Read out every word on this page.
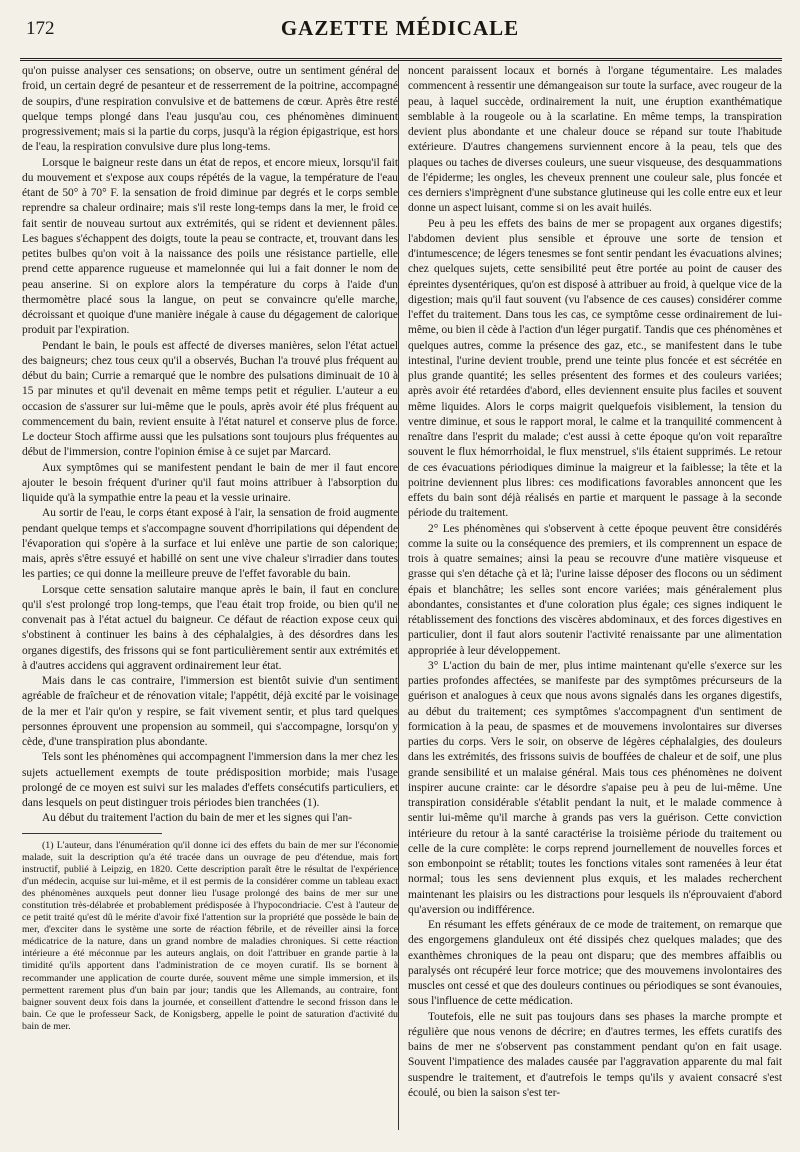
172	GAZETTE MÉDICALE

qu'on puisse analyser ces sensations; on observe, outre un sentiment général de froid, un certain degré de pesanteur et de resserrement de la poitrine, accompagné de soupirs, d'une respiration convulsive et de battemens de cœur. Après être resté quelque temps plongé dans l'eau jusqu'au cou, ces phénomènes diminuent progressivement; mais si la partie du corps, jusqu'à la région épigastrique, est hors de l'eau, la respiration convulsive dure plus long-tems.

Lorsque le baigneur reste dans un état de repos, et encore mieux, lorsqu'il fait du mouvement et s'expose aux coups répétés de la vague, la température de l'eau étant de 50° à 70° F. la sensation de froid diminue par degrés et le corps semble reprendre sa chaleur ordinaire; mais s'il reste long-temps dans la mer, le froid ce fait sentir de nouveau surtout aux extrémités, qui se rident et deviennent pâles. Les bagues s'échappent des doigts, toute la peau se contracte, et, trouvant dans les petites bulbes qu'on voit à la naissance des poils une résistance partielle, elle prend cette apparence rugueuse et mamelonnée qui lui a fait donner le nom de peau anserine. Si on explore alors la température du corps à l'aide d'un thermomètre placé sous la langue, on peut se convaincre qu'elle marche, décroissant et quoique d'une manière inégale à cause du dégagement de calorique produit par l'expiration.

Pendant le bain, le pouls est affecté de diverses manières, selon l'état actuel des baigneurs; chez tous ceux qu'il a observés, Buchan l'a trouvé plus fréquent au début du bain; Currie a remarqué que le nombre des pulsations diminuait de 10 à 15 par minutes et qu'il devenait en même temps petit et régulier. L'auteur a eu occasion de s'assurer sur lui-même que le pouls, après avoir été plus fréquent au commencement du bain, revient ensuite à l'état naturel et conserve plus de force. Le docteur Stoch affirme aussi que les pulsations sont toujours plus fréquentes au début de l'immersion, contre l'opinion émise à ce sujet par Marcard.

Aux symptômes qui se manifestent pendant le bain de mer il faut encore ajouter le besoin fréquent d'uriner qu'il faut moins attribuer à l'absorption du liquide qu'à la sympathie entre la peau et la vessie urinaire.

Au sortir de l'eau, le corps étant exposé à l'air, la sensation de froid augmente pendant quelque temps et s'accompagne souvent d'horripilations qui dépendent de l'évaporation qui s'opère à la surface et lui enlève une partie de son calorique; mais, après s'être essuyé et habillé on sent une vive chaleur s'irradier dans toutes les parties; ce qui donne la meilleure preuve de l'effet favorable du bain.

Lorsque cette sensation salutaire manque après le bain, il faut en conclure qu'il s'est prolongé trop long-temps, que l'eau était trop froide, ou bien qu'il ne convenait pas à l'état actuel du baigneur. Ce défaut de réaction expose ceux qui s'obstinent à continuer les bains à des céphalalgies, à des désordres dans les organes digestifs, des frissons qui se font particulièrement sentir aux extrémités et à d'autres accidens qui aggravent ordinairement leur état.

Mais dans le cas contraire, l'immersion est bientôt suivie d'un sentiment agréable de fraîcheur et de rénovation vitale; l'appétit, déjà excité par le voisinage de la mer et l'air qu'on y respire, se fait vivement sentir, et plus tard quelques personnes éprouvent une propension au sommeil, qui s'accompagne, lorsqu'on y cède, d'une transpiration plus abondante.

Tels sont les phénomènes qui accompagnent l'immersion dans la mer chez les sujets actuellement exempts de toute prédisposition morbide; mais l'usage prolongé de ce moyen est suivi sur les malades d'effets consécutifs particuliers, et dans lesquels on peut distinguer trois périodes bien tranchées (1).

Au début du traitement l'action du bain de mer et les signes qui l'an-

(1) L'auteur, dans l'énumération qu'il donne ici des effets du bain de mer sur l'économie malade, suit la description qu'a été tracée dans un ouvrage de peu d'étendue, mais fort instructif, publié à Leipzig, en 1820. Cette description paraît être le résultat de l'expérience d'un médecin, acquise sur lui-même, et il est permis de la considérer comme un tableau exact des phénomènes auxquels peut donner lieu l'usage prolongé des bains de mer sur une constitution très-délabrée et probablement prédisposée à l'hypocondriacie. C'est à l'auteur de ce petit traité qu'est dû le mérite d'avoir fixé l'attention sur la propriété que possède le bain de mer, d'exciter dans le système une sorte de réaction fébrile, et de réveiller ainsi la force médicatrice de la nature, dans un grand nombre de maladies chroniques. Si cette réaction intérieure a été méconnue par les auteurs anglais, on doit l'attribuer en grande partie à la timidité qu'ils apportent dans l'administration de ce moyen curatif. Ils se bornent à recommander une application de courte durée, souvent même une simple immersion, et ils permettent rarement plus d'un bain par jour; tandis que les Allemands, au contraire, font baigner souvent deux fois dans la journée, et conseillent d'attendre le second frisson dans le bain. Ce que le professeur Sack, de Konigsberg, appelle le point de saturation d'activité du bain de mer.

noncent paraissent locaux et bornés à l'organe tégumentaire. Les malades commencent à ressentir une démangeaison sur toute la surface, avec rougeur de la peau, à laquel succède, ordinairement la nuit, une éruption exanthématique semblable à la rougeole ou à la scarlatine. En même temps, la transpiration devient plus abondante et une chaleur douce se répand sur toute l'habitude extérieure. D'autres changemens surviennent encore à la peau, tels que des plaques ou taches de diverses couleurs, une sueur visqueuse, des desquammations de l'épiderme; les ongles, les cheveux prennent une couleur sale, plus foncée et ces derniers s'imprègnent d'une substance glutineuse qui les colle entre eux et leur donne un aspect luisant, comme si on les avait huilés.

Peu à peu les effets des bains de mer se propagent aux organes digestifs; l'abdomen devient plus sensible et éprouve une sorte de tension et d'intumescence; de légers tenesmes se font sentir pendant les évacuations alvines; chez quelques sujets, cette sensibilité peut être portée au point de causer des épreintes dysentériques, qu'on est disposé à attribuer au froid, à quelque vice de la digestion; mais qu'il faut souvent (vu l'absence de ces causes) considérer comme l'effet du traitement. Dans tous les cas, ce symptôme cesse ordinairement de lui-même, ou bien il cède à l'action d'un léger purgatif. Tandis que ces phénomènes et quelques autres, comme la présence des gaz, etc., se manifestent dans le tube intestinal, l'urine devient trouble, prend une teinte plus foncée et est sécrétée en plus grande quantité; les selles présentent des formes et des couleurs variées; après avoir été retardées d'abord, elles deviennent ensuite plus faciles et souvent même liquides. Alors le corps maigrit quelquefois visiblement, la tension du ventre diminue, et sous le rapport moral, le calme et la tranquilité commencent à renaître dans l'esprit du malade; c'est aussi à cette époque qu'on voit reparaître souvent le flux hémorrhoidal, le flux menstruel, s'ils étaient supprimés. Le retour de ces évacuations périodiques diminue la maigreur et la faiblesse; la tête et la poitrine deviennent plus libres: ces modifications favorables annoncent que les effets du bain sont déjà réalisés en partie et marquent le passage à la seconde période du traitement.

2° Les phénomènes qui s'observent à cette époque peuvent être considérés comme la suite ou la conséquence des premiers, et ils comprennent un espace de trois à quatre semaines; ainsi la peau se recouvre d'une matière visqueuse et grasse qui s'en détache çà et là; l'urine laisse déposer des flocons ou un sédiment épais et blanchâtre; les selles sont encore variées; mais généralement plus abondantes, consistantes et d'une coloration plus égale; ces signes indiquent le rétablissement des fonctions des viscères abdominaux, et des forces digestives en particulier, dont il faut alors soutenir l'activité renaissante par une alimentation appropriée à leur développement.

3° L'action du bain de mer, plus intime maintenant qu'elle s'exerce sur les parties profondes affectées, se manifeste par des symptômes précurseurs de la guérison et analogues à ceux que nous avons signalés dans les organes digestifs, au début du traitement; ces symptômes s'accompagnent d'un sentiment de formication à la peau, de spasmes et de mouvemens involontaires sur diverses parties du corps. Vers le soir, on observe de légères céphalalgies, des douleurs dans les extrémités, des frissons suivis de bouffées de chaleur et de soif, une plus grande sensibilité et un malaise général. Mais tous ces phénomènes ne doivent inspirer aucune crainte: car le désordre s'apaise peu à peu de lui-même. Une transpiration considérable s'établit pendant la nuit, et le malade commence à sentir lui-même qu'il marche à grands pas vers la guérison. Cette conviction intérieure du retour à la santé caractérise la troisième période du traitement ou celle de la cure complète: le corps reprend journellement de nouvelles forces et son embonpoint se rétablit; toutes les fonctions vitales sont ramenées à leur état normal; tous les sens deviennent plus exquis, et les malades recherchent maintenant les plaisirs ou les distractions pour lesquels ils n'éprouvaient d'abord qu'aversion ou indifférence.

En résumant les effets généraux de ce mode de traitement, on remarque que des engorgemens glanduleux ont été dissipés chez quelques malades; que des exanthèmes chroniques de la peau ont disparu; que des membres affaiblis ou paralysés ont récupéré leur force motrice; que des mouvemens involontaires des muscles ont cessé et que des douleurs continues ou périodiques se sont évanouies, sous l'influence de cette médication.

Toutefois, elle ne suit pas toujours dans ses phases la marche prompte et régulière que nous venons de décrire; en d'autres termes, les effets curatifs des bains de mer ne s'observent pas constamment pendant qu'on en fait usage. Souvent l'impatience des malades causée par l'aggravation apparente du mal fait suspendre le traitement, et d'autrefois le temps qu'ils y avaient consacré s'est écoulé, ou bien la saison s'est ter-
